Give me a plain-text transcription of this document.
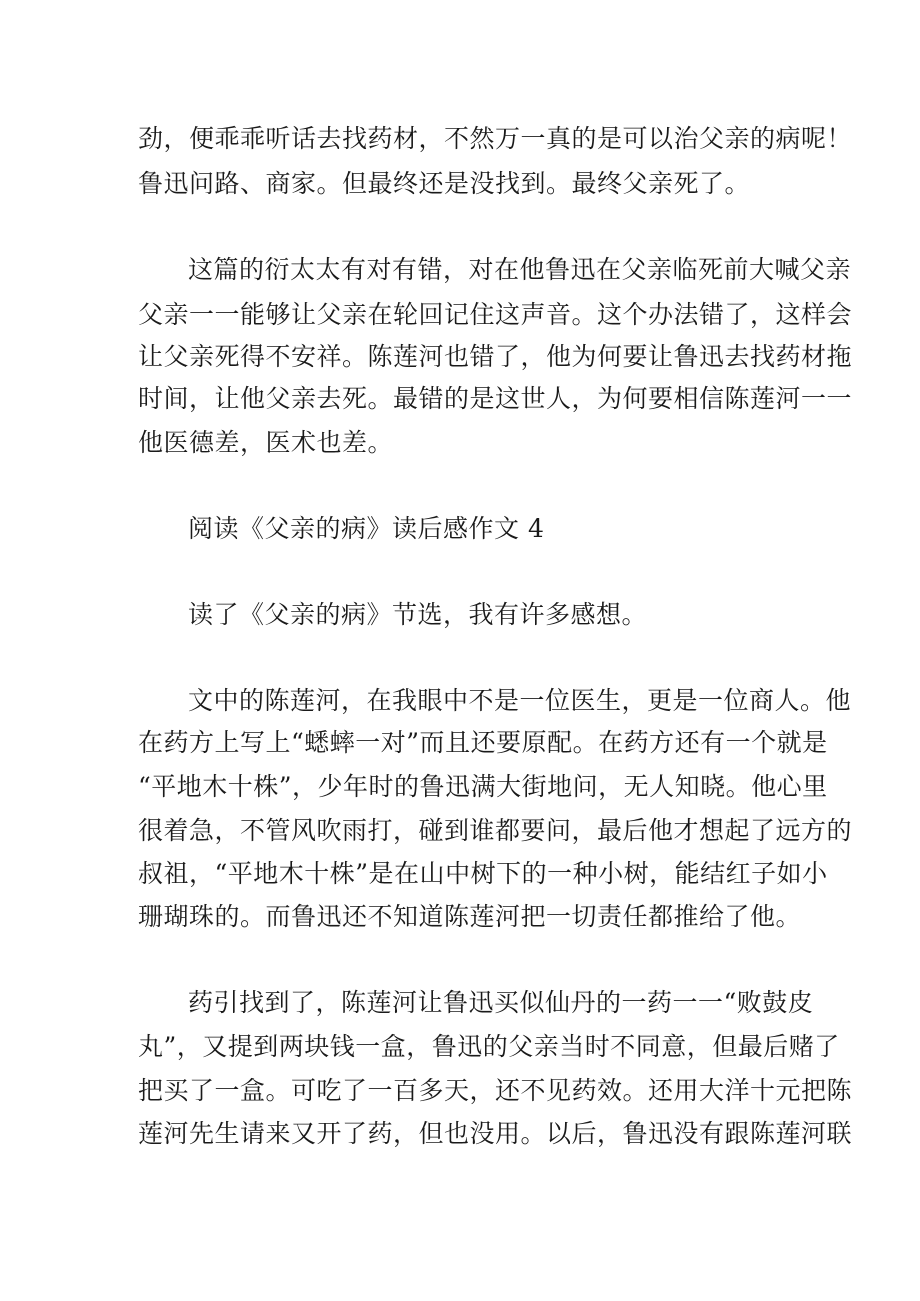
劲，便乖乖听话去找药材，不然万一真的是可以治父亲的病呢！
鲁迅问路、商家。但最终还是没找到。最终父亲死了。
这篇的衍太太有对有错，对在他鲁迅在父亲临死前大喊父亲
父亲一一能够让父亲在轮回记住这声音。这个办法错了，这样会
让父亲死得不安祥。陈莲河也错了，他为何要让鲁迅去找药材拖
时间，让他父亲去死。最错的是这世人，为何要相信陈莲河一一
他医德差，医术也差。
阅读《父亲的病》读后感作文 4
读了《父亲的病》节选，我有许多感想。
文中的陈莲河，在我眼中不是一位医生，更是一位商人。他
在药方上写上“蟋蟀一对”而且还要原配。在药方还有一个就是
“平地木十株”，少年时的鲁迅满大街地问，无人知晓。他心里
很着急，不管风吹雨打，碰到谁都要问，最后他才想起了远方的
叔祖，“平地木十株”是在山中树下的一种小树，能结红子如小
珊瑚珠的。而鲁迅还不知道陈莲河把一切责任都推给了他。
药引找到了，陈莲河让鲁迅买似仙丹的一药一一“败鼓皮
丸”，又提到两块钱一盒，鲁迅的父亲当时不同意，但最后赌了
把买了一盒。可吃了一百多天，还不见药效。还用大洋十元把陈
莲河先生请来又开了药，但也没用。以后，鲁迅没有跟陈莲河联
